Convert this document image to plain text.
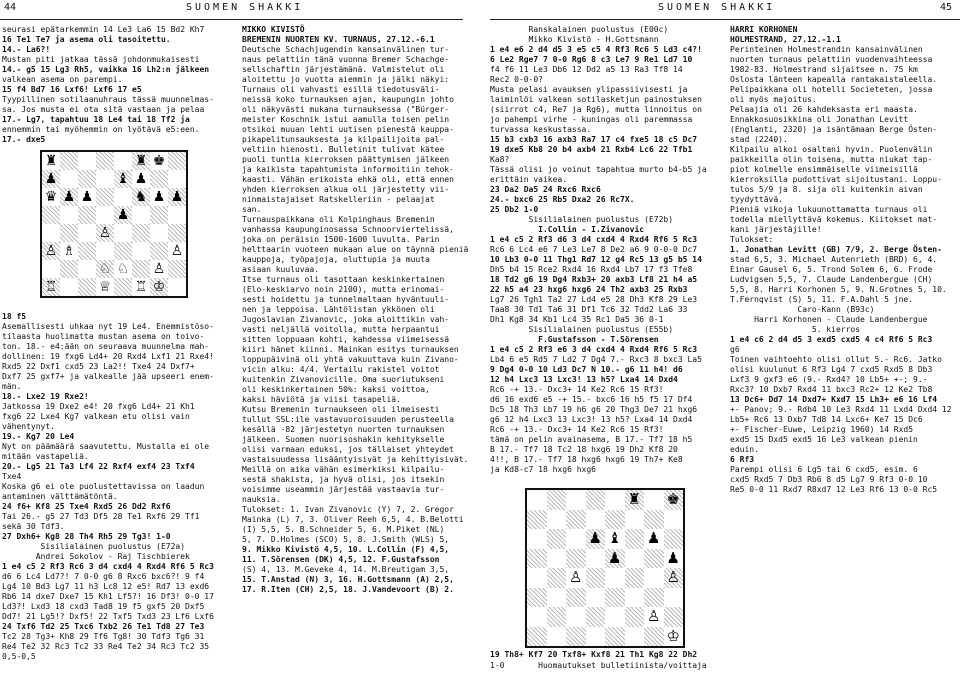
44	SUOMEN SHAKKI	SUOMEN SHAKKI	45
seurasi epätarkemmin 14 Le3 La6 15 Bd2 Kh7
16 Te1 Te7 ja asema oli tasoitettu.
14.- La6?!
Mustan piti jatkaa tässä johdonmukaisesti
14.- g5 15 Lg3 Rh5, vaikka 16 Lh2:n jälkeen
valkean asema on parempi.
15 f4 Bd7 16 Lxf6! Lxf6 17 e5
Tyypillinen sotilaanuhraus tässä muunnelmas-
sa. Jos musta ei ota sitä vastaan ja pelaa
17.- Lg7, tapahtuu 18 Le4 tai 18 Tf2 ja
ennemmin tai myöhemmin on lyötävä e5:een.
17.- dxe5
♜	♜ ♚
♟	♝ ♟
♛ ♟ ♟	♞ ♟ ♟
♟
♙
♙ ♗	♙
♘ ♘ ♙
♖	♕ ♖ ♔
18 f5
Asemallisesti uhkaa nyt 19 Le4. Enemmistöso-
tilaasta huolimatta mustan asema on toivo-
ton. 18.- e4:ään on seuraava muunnelma mah-
dollinen: 19 fxg6 Ld4+ 20 Rxd4 Lxf1 21 Rxe4!
Rxd5 22 Dxf1 cxd5 23 La2!! Txe4 24 Dxf7+
Dxf7 25 gxf7+ ja valkealle jää upseeri enem-
män.
18.- Lxe2 19 Rxe2!
Jatkossa 19 Dxe2 e4! 20 fxg6 Ld4+ 21 Kh1
fxg6 22 Lxe4 Kg7 valkean etu olisi vain
vähentynyt.
19.- Kg7 20 Le4
Nyt on päämäärä saavutettu. Mustalla ei ole
mitään vastapeliä.
20.- Lg5 21 Ta3 Lf4 22 Rxf4 exf4 23 Txf4
Txe4
Koska g6 ei ole puolustettavissa on laadun
antaminen välttämätöntä.
24 f6+ Kf8 25 Txe4 Rxd5 26 Dd2 Rxf6
Tai 26.- g5 27 Td3 Df5 28 Te1 Rxf6 29 Tf1
sekä 30 Tdf3.
27 Dxh6+ Kg8 28 Th4 Rh5 29 Tg3! 1-0
Sisilialainen puolustus (E72a)
Andrei Sokolov - Raj Tischbierek
1 e4 c5 2 Rf3 Rc6 3 d4 cxd4 4 Rxd4 Rf6 5 Rc3
d6 6 Lc4 Ld7?! 7 0-0 g6 8 Rxc6 bxc6?! 9 f4
Lg4 10 Bd3 Lg7 11 h3 Lc8 12 e5! Rd7 13 exd6
Rb6 14 dxe7 Dxe7 15 Kh1 Lf5?! 16 Df3! 0-0 17
Ld3?! Lxd3 18 cxd3 Tad8 19 f5 gxf5 20 Dxf5
Dd7! 21 Lg5!? Dxf5! 22 Txf5 Txd3 23 Lf6 Lxf6
24 Txf6 Td2 25 Txc6 Txb2 26 Te1 Td8 27 Te3
Tc2 28 Tg3+ Kh8 29 Tf6 Tg8! 30 Tdf3 Tg6 31
Re4 Te2 32 Rc3 Tc2 33 Re4 Te2 34 Rc3 Tc2 35
0,5-0,5
MIKKO KIVISTÖ
BREMENIN NUORTEN KV. TURNAUS, 27.12.-6.1
Deutsche Schachjugendin kansainvälinen tur-
naus pelattiin tänä vuonna Bremer Schachge-
sellschaftin järjestämänä. Valmistelut oli
aloitettu jo vuotta aiemmin ja jälki näkyi:
Turnaus oli vahvasti esillä tiedotusväli-
neissä koko turnauksen ajan, kaupungin johto
oli näkyvästi mukana turnauksessa ("Bürger-
meister Koschnik istui aamulla toisen pelin
otsikoi muuan lehti uutisen pienestä kauppa-
pikapelitunsauksesta ja kilpailijoita pal-
veltiin hienosti. Bulletinit tulivat kätee
puoli tuntia kierroksen päättymisen jälkeen
ja kaikista tapahtumista informoitiin tehok-
kaasti. Vähän erikoista ehkä oli, että ennen
yhden kierroksen alkua oli järjestetty vii-
ninmaistajaiset Ratskelleriin - pelaajat
san.
Turnauspaikkana oli Kolpinghaus Bremenin
vanhassa kaupunginosassa Schnoorviertelissä,
joka on peräisin 1500-1600 luvulta. Parin
helttaarin vuoteen mukaan alue on täynnä pieniä
kauppoja, työpajoja, oluttupia ja muuta
asiaan kuuluvaa.
Itse turnaus oli tasottaan keskinkertainen
(Elo-keskiarvo noin 2100), mutta erinomai-
sesti hoidettu ja tunnelmaltaan hyväntuuli-
nen ja leppoisa. Lähtölistan ykkönen oli
Jugoslavian Zivanovic, joka aloittikin vah-
vasti neljällä voitolla, mutta herpaantui
sitten loppuaan kohti, kahdessa viimeisessä
kiiri hänet kiinni. Mainkan esitys turnauksen
loppupäivinä oli yhtä vakuuttava kuin Zivano-
vicin alku: 4/4. Vertailu rakistel voitot
kuitenkin Zivanovicille. Oma suoriutukseni
oli keskinkertainen 50%: kaksi voittoa,
kaksi häviötä ja viisi tasapeliä.
Kutsu Bremenin turnaukseen oli ilmeisesti
tullut SSL:ile vastavuoroisuuden perusteella
kesällä -82 järjestetyn nuorten turnauksen
jälkeen. Suomen nuorisoshakin kehitykselle
olisi varmaan eduksi, jos tällaiset yhteydet
vastaisuudessa lisääntyisivät ja kehittyisivät.
Meillä on aika vähän esimerkiksi kilpailu-
sestä shakista, ja hyvä olisi, jos itsekin
voisimme useammin järjestää vastaavia tur-
nauksia.
Tulokset: 1. Ivan Zivanovic (Y) 7, 2. Gregor
Mainka (L) 7, 3. Oliver Reeh 6,5, 4. B.Belotti
(I) 5,5, 5. B.Schneider 5, 6. M.Piket (NL)
5, 7. D.Holmes (SCO) 5, 8. J.Smith (WLS) 5,
9. Mikko Kivistö 4,5, 10. L.Collin (F) 4,5,
11. T.Sörensen (DK) 4,5, 12. F.Gustafsson
(S) 4, 13. M.Geveke 4, 14. M.Breutigam 3,5,
15. T.Anstad (N) 3, 16. H.Gottsmann (A) 2,5,
17. R.Iten (CH) 2,5, 18. J.Vandevoort (B) 2.
Ranskalainen puolustus (E00c)
Mikko Kivistö - H.Gottsmann
1 e4 e6 2 d4 d5 3 e5 c5 4 Rf3 Rc6 5 Ld3 c4?!
6 Le2 Rge7 7 0-0 Rg6 8 c3 Le7 9 Re1 Ld7 10
f4 f6 11 Le3 Db6 12 Dd2 a5 13 Ra3 Tf8 14
Rec2 0-0-0?
Musta pelasi avauksen ylipassiivisesti ja
laiminlöi valkean sotilasketjun painostuksen
(siirrot c4, Re7 ja Rg6), mutta linnoitus on
jo pahempi virhe - kuningas oli paremmassa
turvassa keskustassa.
15 b3 cxb3 16 axb3 Ra7 17 c4 fxe5 18 c5 Dc7
19 dxe5 Kb8 20 b4 axb4 21 Rxb4 Lc6 22 Tfb1
Ka8?
Tässä olisi jo voinut tapahtua murto b4-b5 ja
erittäin vaikea.
23 Da2 Da5 24 Rxc6 Rxc6
24.- bxc6 25 Rb5 Dxa2 26 Rc7X.
25 Db2 1-0
Sisilialainen puolustus (E72b)
I.Collin - I.Zivanovic
1 e4 c5 2 Rf3 d6 3 d4 cxd4 4 Rxd4 Rf6 5 Rc3
Rc6 6 Lc4 e6 7 Le3 Le7 8 De2 a6 9 0-0-0 Dc7
10 Lb3 0-0 11 Thg1 Rd7 12 g4 Rc5 13 g5 b5 14
Dh5 b4 15 Rce2 Rxd4 16 Rxd4 Lb7 17 f3 Tfe8
18 Td2 g6 19 Dg4 Rxb3+ 20 axb3 Lf8 21 h4 a5
22 h5 a4 23 hxg6 hxg6 24 Th2 axb3 25 Rxb3
Lg7 26 Tgh1 Ta2 27 Ld4 e5 28 Dh3 Kf8 29 Le3
Taa8 30 Td1 Ta6 31 Df1 Tc6 32 Tdd2 La6 33
Dh1 Kg8 34 Kb1 Lc4 35 Rc1 Da5 36 0-1
Sisilialainen puolustus (E55b)
F.Gustafsson - T.Sörensen
1 e4 c5 2 Rf3 e6 3 d4 cxd4 4 Rxd4 Rf6 5 Rc3
Lb4 6 e5 Rd5 7 Ld2 7 Dg4 7.- Rxc3 8 bxc3 La5
9 Dg4 0-0 10 Ld3 Dc7 N 10.- g6 11 h4! d6
12 h4 Lxc3 13 Lxc3! 13 h5? Lxa4 14 Dxd4
Rc6 -+ 13.- Dxc3+ 14 Ke2 Rc6 15 Rf3!
d6 16 exd6 e5 -+ 15.- bxc6 16 h5 f5 17 Df4
Dc5 18 Th3 Lb7 19 h6 g6 20 Thg3 De7 21 hxg6
g6 12 h4 Lxc3 13 Lxc3! 13 h5? Lxa4 14 Dxd4
Rc6 -+ 13.- Dxc3+ 14 Ke2 Rc6 15 Rf3!
tämä on pelin avainasema, B 17.- Tf7 18 h5
B 17.- Tf7 18 Tc2 18 hxg6 19 Dh2 Kf8 20
4!!, B 17.- Tf7 18 hxg6 hxg6 19 Th7+ Ke8
ja Kd8-c7 18 hxg6 hxg6
♜ ♚
♟ ♝ ♟
♟	♟
♙	♙
♙
♔
19 Th8+ Kf7 20 Txf8+ Kxf8 21 Th1 Kg8 22 Dh2
1-0       Huomautukset bulletiinista/voittaja
HARRI KORHONEN
HOLMESTRAND, 27.12.-1.1
Perinteinen Holmestrandin kansainvälinen
nuorten turnaus pelattiin vuodenvaihteessa
1982-83. Holmestrand sijaitsee n. 75 km
Oslosta länteen kapealla rantakaistaleella.
Pelipaikkana oli hotelli Societeten, jossa
oli myös majoitus.
Pelaajia oli 26 kahdeksasta eri maasta.
Ennakkosuosikkina oli Jonathan Levitt
(Englanti, 2320) ja isäntämaan Berge Östen-
stad (2240).
Kilpailu alkoi osaltani hyvin. Puolenvälin
paikkeilla olin toisena, mutta niukat tap-
piot kolmelle ensimmäiselle viimeisillä
kierroksilla pudottivat sijoitustani. Loppu-
tulos 5/9 ja 8. sija oli kuitenkin aivan
tyydyttävä.
Pieniä vikoja lukuunottamatta turnaus oli
todella miellyttävä kokemus. Kiitokset mat-
kani järjestäjille!
Tulokset:
1. Jonathan Levitt (GB) 7/9, 2. Berge Östen-
stad 6,5, 3. Michael Autenrieth (BRD) 6, 4.
Einar Gausel 6, 5. Trond Solem 6, 6. Frode
Ludvigsen 5,5, 7. Claude Landenbergue (CH)
5,5, 8. Harri Korhonen 5, 9. N.Grotnes 5, 10.
T.Fernqvist (S) 5, 11. F.A.Dahl 5 jne.
Caro-Kann (B93c)
Harri Korhonen - Claude Landenbergue
5. kierros
1 e4 c6 2 d4 d5 3 exd5 cxd5 4 c4 Rf6 5 Rc3
g6
Toinen vaihtoehto olisi ollut 5.- Rc6. Jatko
olisi kuulunut 6 Rf3 Lg4 7 cxd5 Rxd5 8 Db3
Lxf3 9 gxf3 e6 (9.- Rxd4? 10 Lb5+ +-; 9.-
Rxc3? 10 Dxb7 Rxd4 11 bxc3 Rc2+ 12 Ke2 Tb8
13 Dc6+ Dd7 14 Dxd7+ Kxd7 15 Lh3+ e6 16 Lf4
+- Panov; 9.- Rdb4 10 Le3 Rxd4 11 Lxd4 Dxd4 12
Lb5+ Rc6 13 Dxb7 Td8 14 Lxc6+ Ke7 15 Dc6
+- Fischer-Euwe, Leipzig 1960) 14 Rxd5
exd5 15 Dxd5 exd5 16 Le3 valkean pienin
eduin.
6 Rf3
Parempi olisi 6 Lg5 tai 6 cxd5, esim. 6
cxd5 Rxd5 7 Db3 Rb6 8 d5 Lg7 9 Rf3 0-0 10
Re5 0-0 11 Rxd7 R8xd7 12 Le3 Rf6 13 0-0 Rc5
